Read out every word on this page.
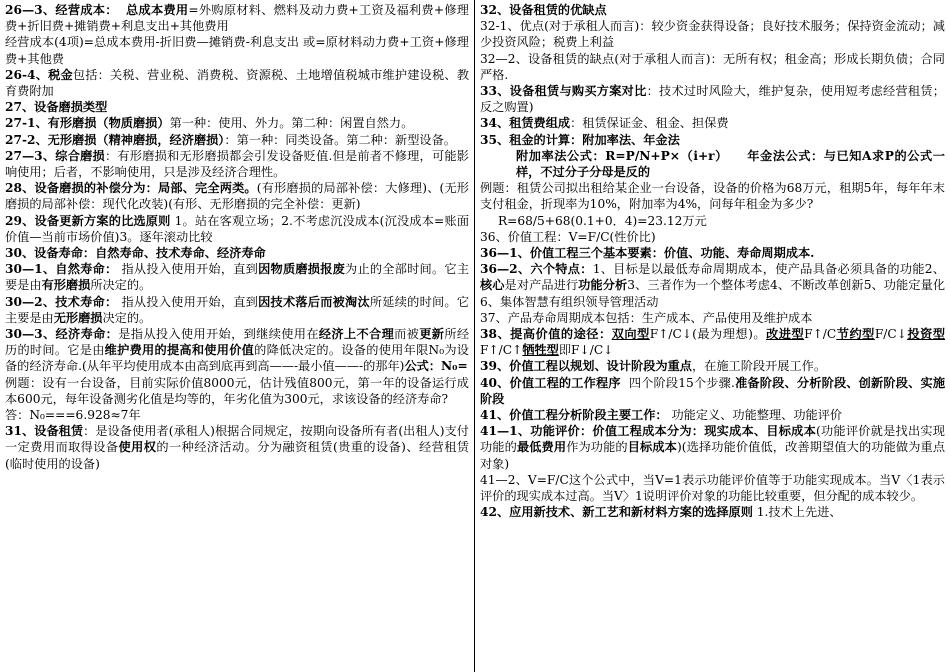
26—3、经营成本： 总成本费用=外购原材料、燃料及动力费+工资及福利费+修理费+折旧费+摊销费+利息支出+其他费用

经营成本(4项)=总成本费用-折旧费—摊销费-利息支出 或=原材料动力费+工资+修理费+其他费

26-4、税金包括：关税、营业税、消费税、资源税、土地增值税城市维护建设税、教育费附加

27、设备磨损类型

27-1、有形磨损（物质磨损）第一种：使用、外力。第二种：闲置自然力。

27-2、无形磨损（精神磨损，经济磨损）：第一种：同类设备。第二种：新型设备。

27—3、综合磨损：有形磨损和无形磨损都会引发设备贬值.但是前者不修理，可能影响使用；后者，不影响使用，只是涉及经济合理性。

28、设备磨损的补偿分为：局部、完全两类。(有形磨损的局部补偿：大修理)、(无形磨损的局部补偿：现代化改装)(有形、无形磨损的完全补偿：更新)

29、设备更新方案的比选原则 1。站在客观立场；2.不考虑沉没成本(沉没成本=账面价值—当前市场价值)3。逐年滚动比较

30、设备寿命：自然寿命、技术寿命、经济寿命

30—1、自然寿命： 指从投入使用开始，直到因物质磨损报废为止的全部时间。它主要是由有形磨损所决定的。

30—2、技术寿命： 指从投入使用开始，直到因技术落后而被淘汰所延续的时间。它主要是由无形磨损决定的。

30—3、经济寿命：是指从投入使用开始，到继续使用在经济上不合理而被更新所经历的时间。它是由维护费用的提高和使用价值的降低决定的。设备的使用年限N₀为设备的经济寿命.(从年平均使用成本由高到底再到高——-最小值——-的那年)公式：N₀=

例题：设有一台设备，目前实际价值8000元，估计残值800元，第一年的设备运行成本600元，每年设备测劣化值是均等的，年劣化值为300元，求该设备的经济寿命?

答：N₀===6.928≈7年

31、设备租赁：是设备使用者(承租人)根据合同规定，按期向设备所有者(出租人)支付一定费用而取得设备使用权的一种经济活动。分为融资租赁(贵重的设备)、经营租赁(临时使用的设备)

32、设备租赁的优缺点

32-1、优点(对于承租人而言)：较少资金获得设备；良好技术服务；保持资金流动；减少投资风险；税费上利益

32—2、设备租赁的缺点(对于承租人而言)：无所有权；租金高；形成长期负债；合同严格.

33、设备租赁与购买方案对比：技术过时风险大，维护复杂，使用短考虑经营租赁；反之购置)

34、租赁费组成：租赁保证金、租金、担保费

35、租金的计算：附加率法、年金法

附加率法公式：R=P/N+P×（i+r） 年金法公式：与已知A求P的公式一样，不过分子分母是反的

例题：租赁公司拟出租给某企业一台设备，设备的价格为68万元，租期5年，每年年末支付租金，折现率为10%，附加率为4%，问每年租金为多少?

R=68/5+68(0.1+0．4)=23.12万元

36、价值工程：V=F/C(性价比)

36—1、价值工程三个基本要素：价值、功能、寿命周期成本.

36—2、六个特点：1、目标是以最低寿命周期成本，使产品具备必须具备的功能2、核心是对产品进行功能分析3、三者作为一个整体考虑4、不断改革创新5、功能定量化6、集体智慧有组织领导管理活动

37、产品寿命周期成本包括：生产成本、产品使用及维护成本

38、提高价值的途径：双向型F↑/C↓(最为理想)。改进型F↑/C节约型F/C↓投资型F↑/C↑牺牲型即F↓/C↓

39、价值工程以规划、设计阶段为重点，在施工阶段开展工作。

40、价值工程的工作程序 四个阶段15个步骤.准备阶段、分析阶段、创新阶段、实施阶段

41、价值工程分析阶段主要工作： 功能定义、功能整理、功能评价

41—1、功能评价：价值工程成本分为：现实成本、目标成本(功能评价就是找出实现功能的最低费用作为功能的目标成本)(选择功能价值低，改善期望值大的功能做为重点对象)

41—2、V=F/C这个公式中，当V=1表示功能评价值等于功能实现成本。当V〈1表示评价的现实成本过高。当V〉1说明评价对象的功能比较重要，但分配的成本较少。

42、应用新技术、新工艺和新材料方案的选择原则 1.技术上先进、
